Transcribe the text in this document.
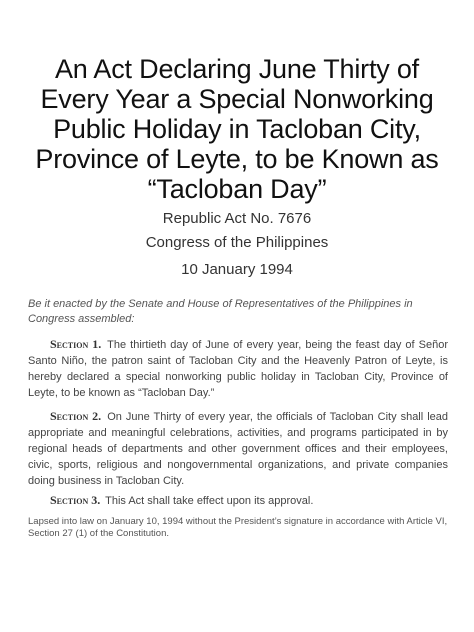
An Act Declaring June Thirty of Every Year a Special Nonworking Public Holiday in Tacloban City, Province of Leyte, to be Known as “Tacloban Day”
Republic Act No. 7676
Congress of the Philippines
10 January 1994
Be it enacted by the Senate and House of Representatives of the Philippines in Congress assembled:
Section 1. The thirtieth day of June of every year, being the feast day of Señor Santo Niño, the patron saint of Tacloban City and the Heavenly Patron of Leyte, is hereby declared a special nonworking public holiday in Tacloban City, Province of Leyte, to be known as “Tacloban Day.”
Section 2. On June Thirty of every year, the officials of Tacloban City shall lead appropriate and meaningful celebrations, activities, and programs participated in by regional heads of departments and other government offices and their employees, civic, sports, religious and nongovernmental organizations, and private companies doing business in Tacloban City.
Section 3. This Act shall take effect upon its approval.
Lapsed into law on January 10, 1994 without the President’s signature in accordance with Article VI, Section 27 (1) of the Constitution.
